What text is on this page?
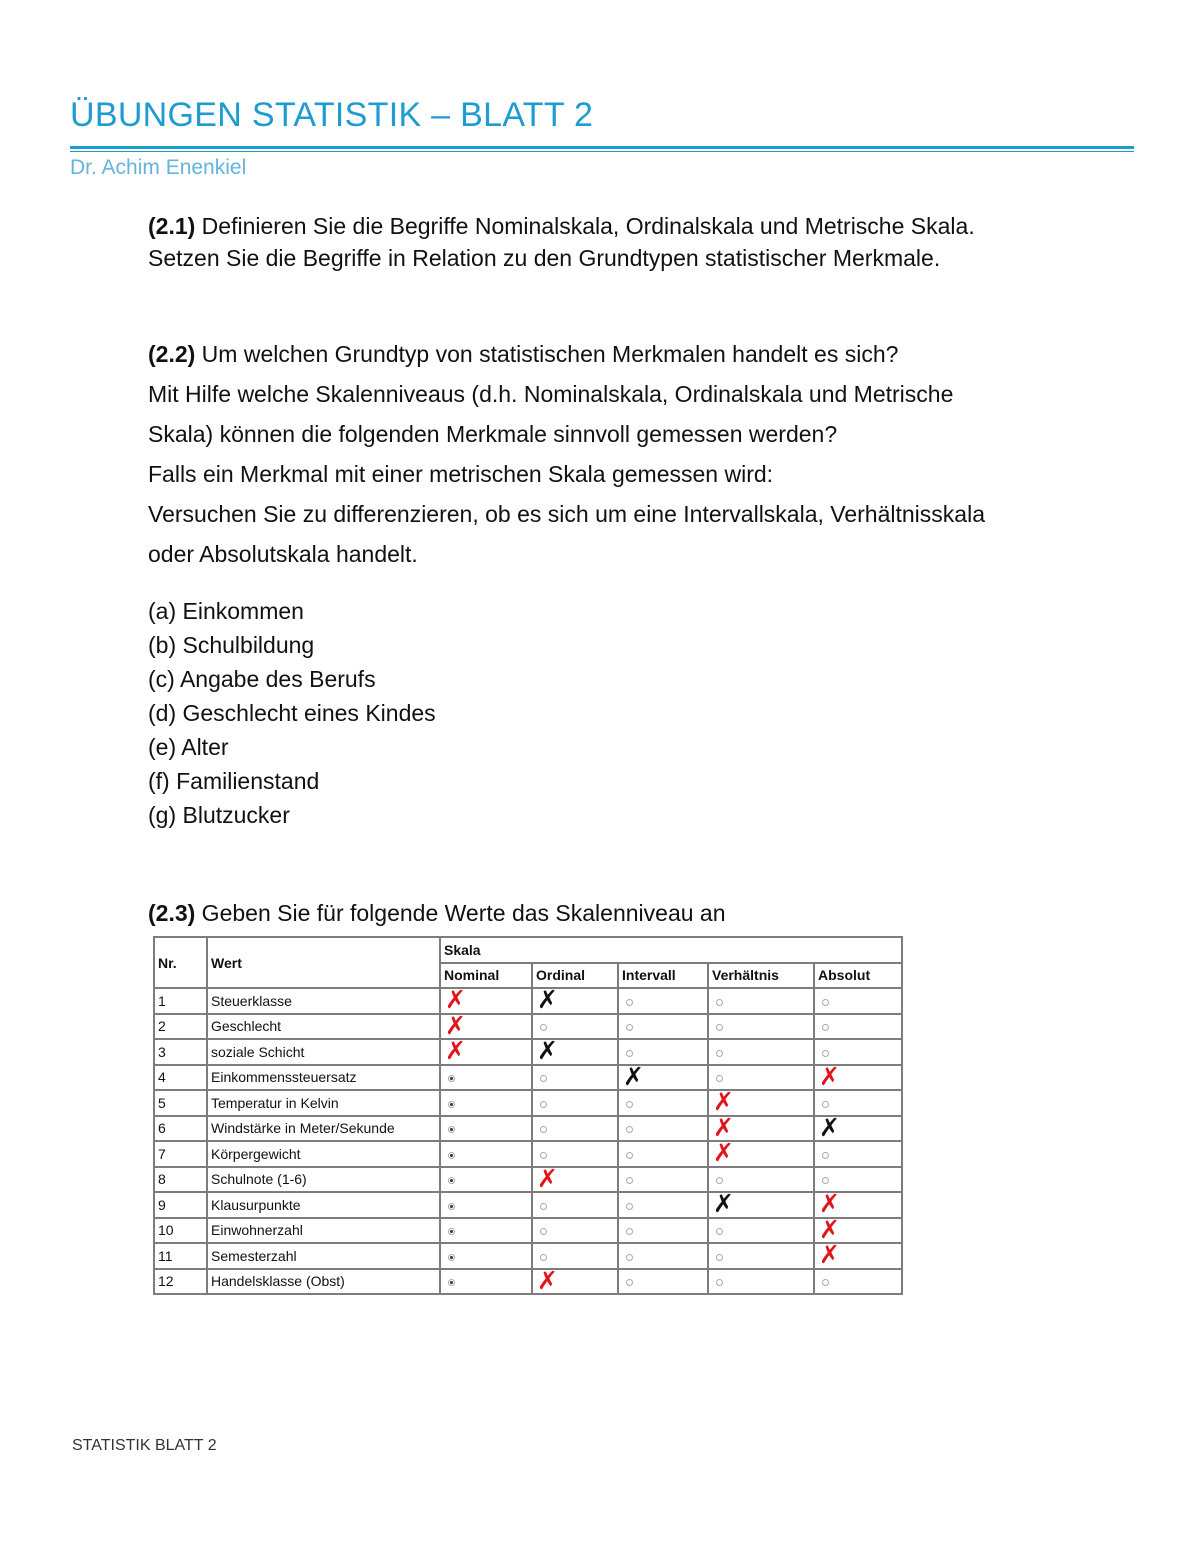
ÜBUNGEN STATISTIK – BLATT 2
Dr. Achim Enenkiel
(2.1) Definieren Sie die Begriffe Nominalskala, Ordinalskala und Metrische Skala.
Setzen Sie die Begriffe in Relation zu den Grundtypen statistischer Merkmale.
(2.2) Um welchen Grundtyp von statistischen Merkmalen handelt es sich?
Mit Hilfe welche Skalenniveaus (d.h. Nominalskala, Ordinalskala und Metrische
Skala) können die folgenden Merkmale sinnvoll gemessen werden?
Falls ein Merkmal mit einer metrischen Skala gemessen wird:
Versuchen Sie zu differenzieren, ob es sich um eine Intervallskala, Verhältnisskala
oder Absolutskala handelt.
(a) Einkommen
(b) Schulbildung
(c) Angabe des Berufs
(d) Geschlecht eines Kindes
(e) Alter
(f) Familienstand
(g) Blutzucker
(2.3) Geben Sie für folgende Werte das Skalenniveau an
Nr.	Wert	Skala				
		Nominal	Ordinal	Intervall	Verhältnis	Absolut
1	Steuerklasse	✗	✗			

2	Geschlecht	✗				

3	soziale Schicht	✗	✗			

4	Einkommenssteuersatz			✗		✗

5	Temperatur in Kelvin				✗	

6	Windstärke in Meter/Sekunde				✗	✗

7	Körpergewicht				✗	

8	Schulnote (1-6)		✗			

9	Klausurpunkte				✗	✗

10	Einwohnerzahl					✗

11	Semesterzahl					✗

12	Handelsklasse (Obst)		✗			

STATISTIK BLATT 2
